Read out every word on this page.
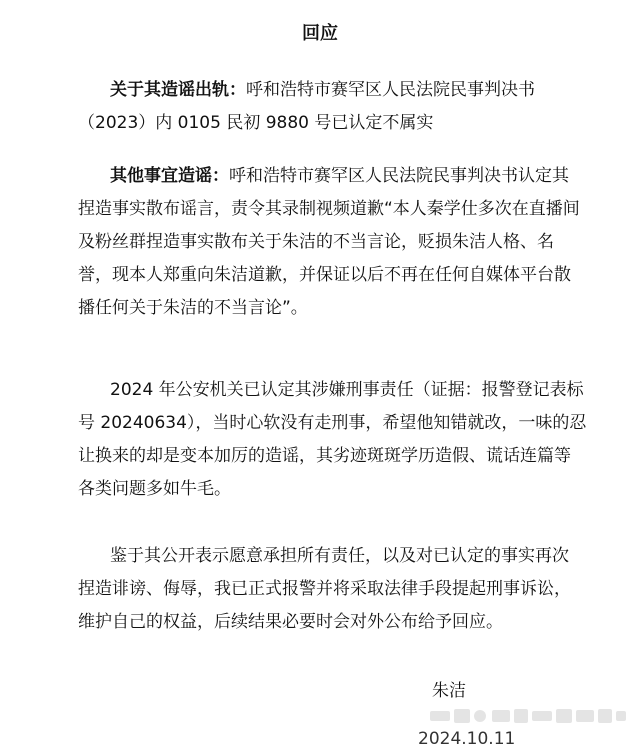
回应
关于其造谣出轨：呼和浩特市赛罕区人民法院民事判决书
（2023）内 0105 民初 9880 号已认定不属实
其他事宜造谣：呼和浩特市赛罕区人民法院民事判决书认定其
捏造事实散布谣言，责令其录制视频道歉“本人秦学仕多次在直播间
及粉丝群捏造事实散布关于朱洁的不当言论，贬损朱洁人格、名
誉，现本人郑重向朱洁道歉，并保证以后不再在任何自媒体平台散
播任何关于朱洁的不当言论”。
2024 年公安机关已认定其涉嫌刑事责任（证据：报警登记表标
号 20240634），当时心软没有走刑事，希望他知错就改，一味的忍
让换来的却是变本加厉的造谣，其劣迹斑斑学历造假、谎话连篇等
各类问题多如牛毛。
鉴于其公开表示愿意承担所有责任，以及对已认定的事实再次
捏造诽谤、侮辱，我已正式报警并将采取法律手段提起刑事诉讼，
维护自己的权益，后续结果必要时会对外公布给予回应。
朱洁
2024.10.11
